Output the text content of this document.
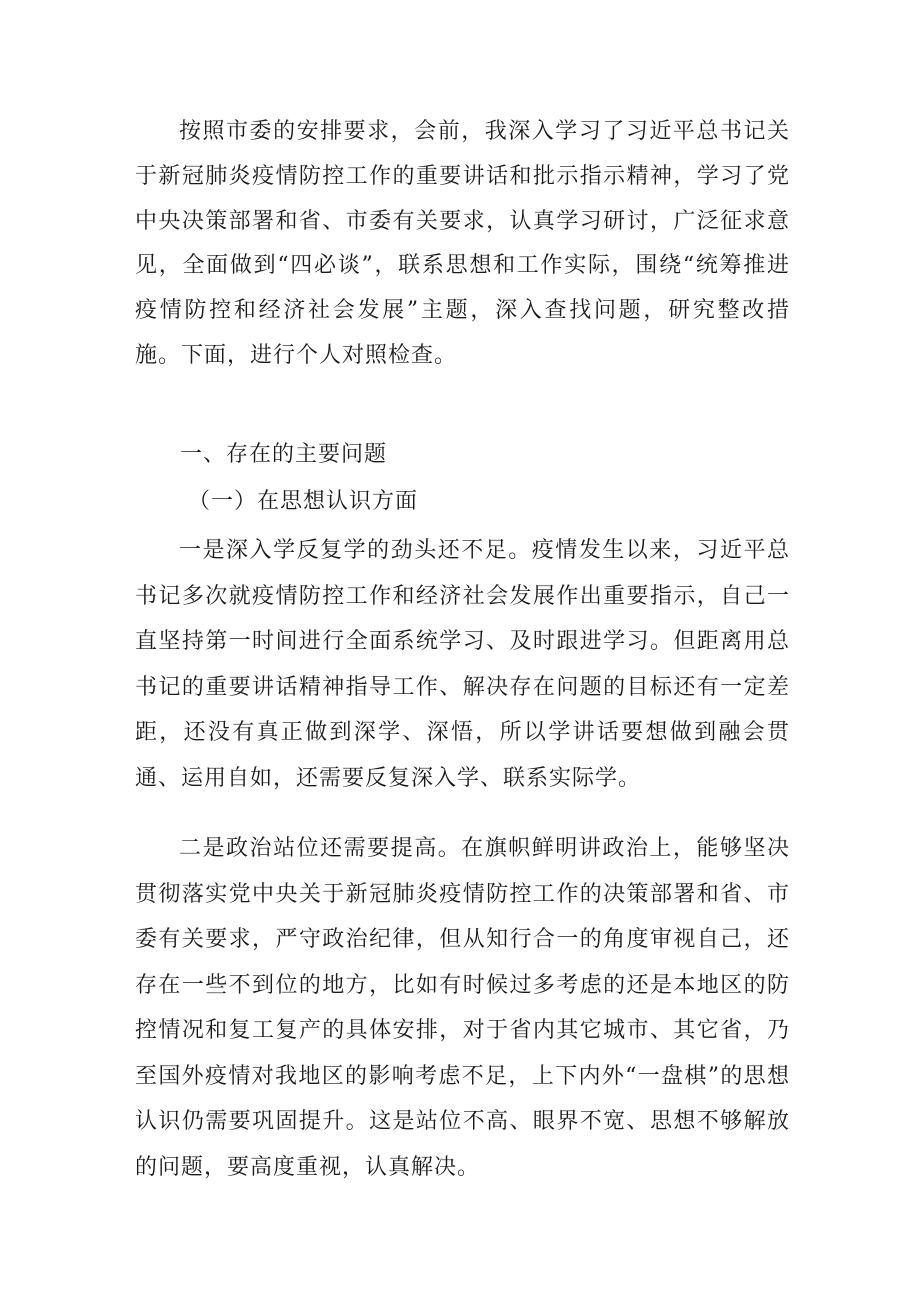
按照市委的安排要求，会前，我深入学习了习近平总书记关于新冠肺炎疫情防控工作的重要讲话和批示指示精神，学习了党中央决策部署和省、市委有关要求，认真学习研讨，广泛征求意见，全面做到“四必谈”，联系思想和工作实际，围绕“统筹推进疫情防控和经济社会发展”主题，深入查找问题，研究整改措施。下面，进行个人对照检查。

一、存在的主要问题
（一）在思想认识方面

一是深入学反复学的劲头还不足。疫情发生以来，习近平总书记多次就疫情防控工作和经济社会发展作出重要指示，自己一直坚持第一时间进行全面系统学习、及时跟进学习。但距离用总书记的重要讲话精神指导工作、解决存在问题的目标还有一定差距，还没有真正做到深学、深悟，所以学讲话要想做到融会贯通、运用自如，还需要反复深入学、联系实际学。

二是政治站位还需要提高。在旗帜鲜明讲政治上，能够坚决贯彻落实党中央关于新冠肺炎疫情防控工作的决策部署和省、市委有关要求，严守政治纪律，但从知行合一的角度审视自己，还存在一些不到位的地方，比如有时候过多考虑的还是本地区的防控情况和复工复产的具体安排，对于省内其它城市、其它省，乃至国外疫情对我地区的影响考虑不足，上下内外“一盘棋”的思想认识仍需要巩固提升。这是站位不高、眼界不宽、思想不够解放的问题，要高度重视，认真解决。
